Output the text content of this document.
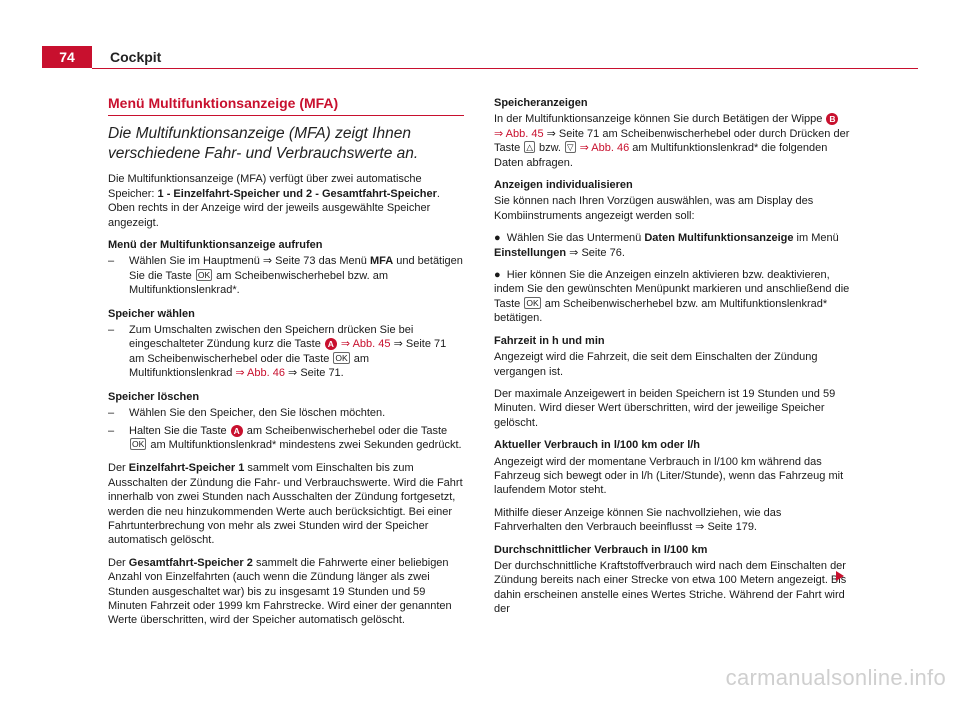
74	Cockpit
Menü Multifunktionsanzeige (MFA)

Die Multifunktionsanzeige (MFA) zeigt Ihnen verschiedene Fahr- und Verbrauchswerte an.

Die Multifunktionsanzeige (MFA) verfügt über zwei automatische Speicher: 1 - Einzelfahrt-Speicher und 2 - Gesamtfahrt-Speicher. Oben rechts in der Anzeige wird der jeweils ausgewählte Speicher angezeigt.

Menü der Multifunktionsanzeige aufrufen
– Wählen Sie im Hauptmenü ⇒ Seite 73 das Menü MFA und betätigen Sie die Taste OK am Scheibenwischerhebel bzw. am Multifunktionslenkrad*.
Speicher wählen
– Zum Umschalten zwischen den Speichern drücken Sie bei eingeschalteter Zündung kurz die Taste A ⇒ Abb. 45 ⇒ Seite 71 am Scheibenwischerhebel oder die Taste OK am Multifunktionslenkrad ⇒ Abb. 46 ⇒ Seite 71.
Speicher löschen
– Wählen Sie den Speicher, den Sie löschen möchten.
– Halten Sie die Taste A am Scheibenwischerhebel oder die Taste OK am Multifunktionslenkrad* mindestens zwei Sekunden gedrückt.

Der Einzelfahrt-Speicher 1 sammelt vom Einschalten bis zum Ausschalten der Zündung die Fahr- und Verbrauchswerte. Wird die Fahrt innerhalb von zwei Stunden nach Ausschalten der Zündung fortgesetzt, werden die neu hinzukommenden Werte auch berücksichtigt. Bei einer Fahrtunterbrechung von mehr als zwei Stunden wird der Speicher automatisch gelöscht.

Der Gesamtfahrt-Speicher 2 sammelt die Fahrwerte einer beliebigen Anzahl von Einzelfahrten (auch wenn die Zündung länger als zwei Stunden ausgeschaltet war) bis zu insgesamt 19 Stunden und 59 Minuten Fahrzeit oder 1999 km Fahrstrecke. Wird einer der genannten Werte überschritten, wird der Speicher automatisch gelöscht.

Speicheranzeigen

In der Multifunktionsanzeige können Sie durch Betätigen der Wippe B
⇒ Abb. 45 ⇒ Seite 71 am Scheibenwischerhebel oder durch Drücken der Taste △ bzw. ▽ ⇒ Abb. 46 am Multifunktionslenkrad* die folgenden Daten abfragen.

Anzeigen individualisieren

Sie können nach Ihren Vorzügen auswählen, was am Display des Kombiinstruments angezeigt werden soll:

● Wählen Sie das Untermenü Daten Multifunktionsanzeige im Menü Einstellungen ⇒ Seite 76.

● Hier können Sie die Anzeigen einzeln aktivieren bzw. deaktivieren, indem Sie den gewünschten Menüpunkt markieren und anschließend die Taste OK am Scheibenwischerhebel bzw. am Multifunktionslenkrad* betätigen.

Fahrzeit in h und min

Angezeigt wird die Fahrzeit, die seit dem Einschalten der Zündung vergangen ist.

Der maximale Anzeigewert in beiden Speichern ist 19 Stunden und 59 Minuten. Wird dieser Wert überschritten, wird der jeweilige Speicher gelöscht.

Aktueller Verbrauch in l/100 km oder l/h

Angezeigt wird der momentane Verbrauch in l/100 km während das Fahrzeug sich bewegt oder in l/h (Liter/Stunde), wenn das Fahrzeug mit laufendem Motor steht.

Mithilfe dieser Anzeige können Sie nachvollziehen, wie das Fahrverhalten den Verbrauch beeinflusst ⇒ Seite 179.

Durchschnittlicher Verbrauch in l/100 km

Der durchschnittliche Kraftstoffverbrauch wird nach dem Einschalten der Zündung bereits nach einer Strecke von etwa 100 Metern angezeigt. Bis dahin erscheinen anstelle eines Wertes Striche. Während der Fahrt wird der

carmanualsonline.info
